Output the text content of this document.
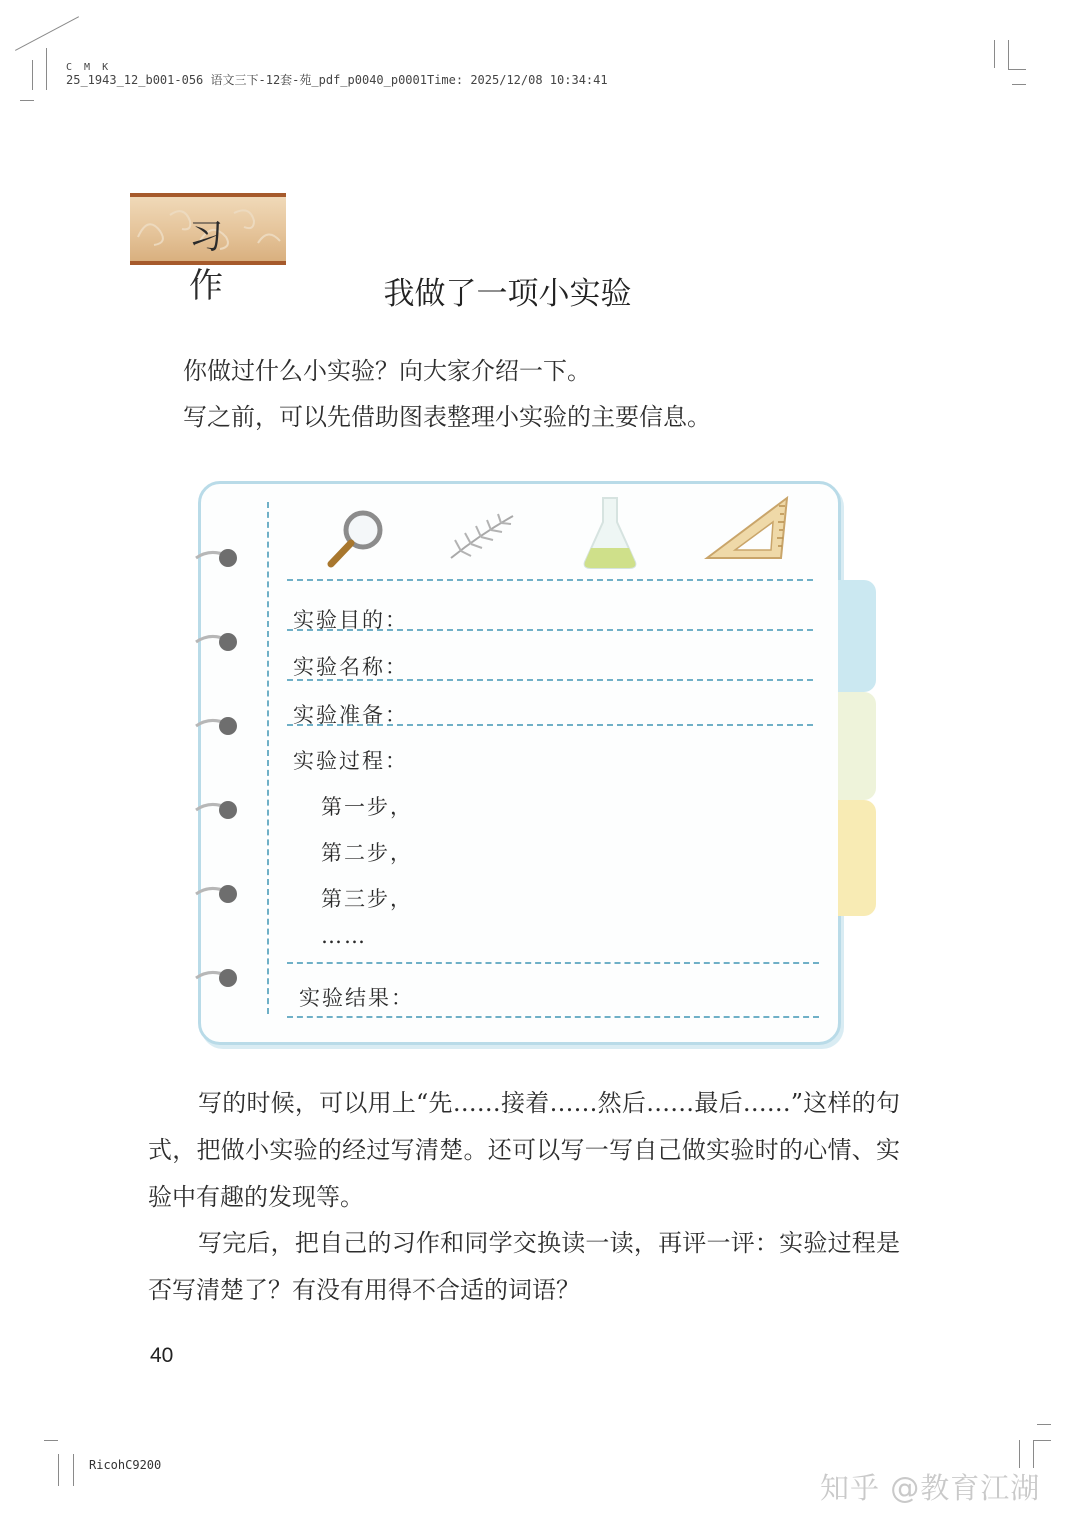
C M K
25_1943_12_b001-056 语文三下-12套-苑_pdf_p0040_p0001Time: 2025/12/08 10:34:41
习 作	我做了一项小实验
你做过什么小实验？向大家介绍一下。
写之前，可以先借助图表整理小实验的主要信息。
实验目的：
实验名称：
实验准备：
实验过程：
第一步，
第二步，
第三步，
……
实验结果：
写的时候，可以用上“先……接着……然后……最后……”这样的句式，把做小实验的经过写清楚。还可以写一写自己做实验时的心情、实验中有趣的发现等。
写完后，把自己的习作和同学交换读一读，再评一评：实验过程是否写清楚了？有没有用得不合适的词语？
40
RicohC9200
知乎 @教育江湖
